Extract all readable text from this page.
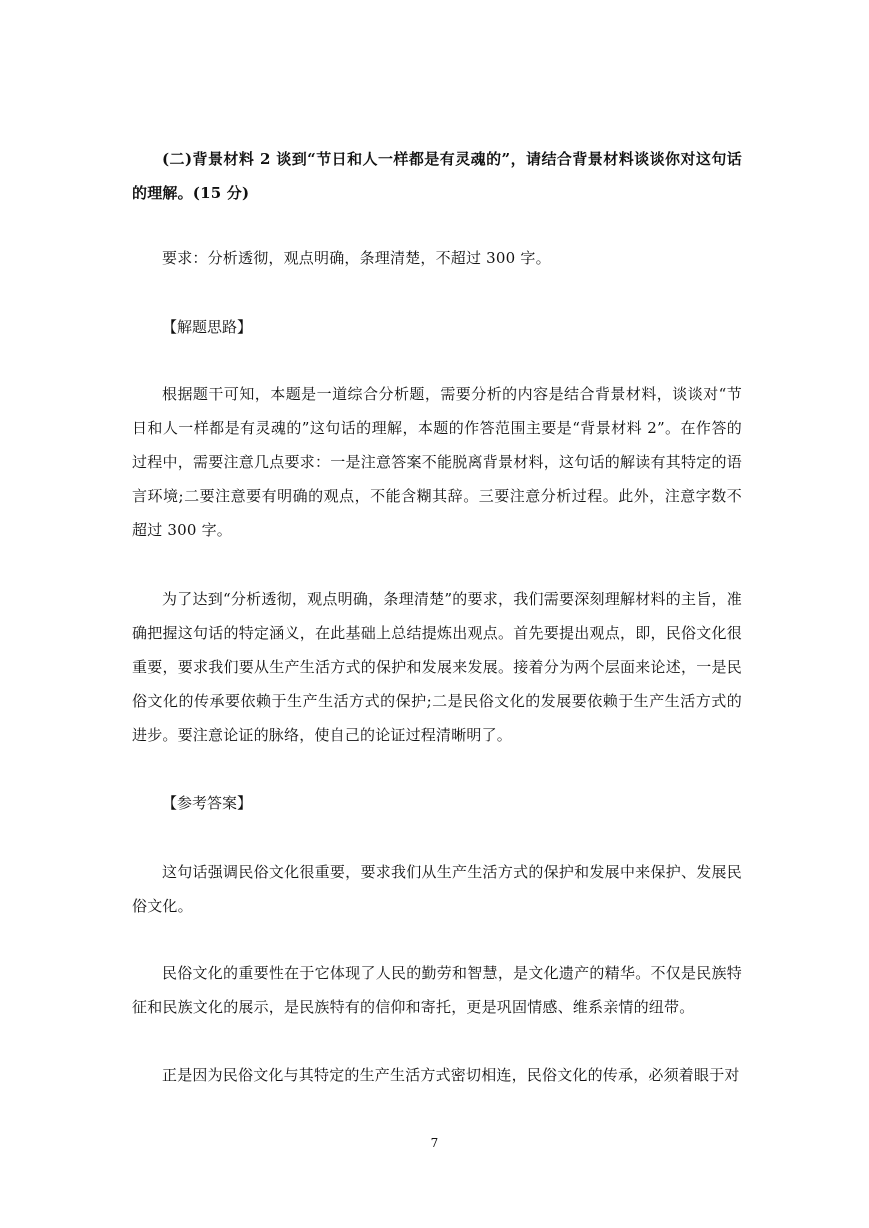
(二)背景材料 2 谈到“节日和人一样都是有灵魂的”，请结合背景材料谈谈你对这句话的理解。(15 分)
要求：分析透彻，观点明确，条理清楚，不超过 300 字。
【解题思路】
根据题干可知，本题是一道综合分析题，需要分析的内容是结合背景材料，谈谈对“节日和人一样都是有灵魂的”这句话的理解，本题的作答范围主要是“背景材料 2”。在作答的过程中，需要注意几点要求：一是注意答案不能脱离背景材料，这句话的解读有其特定的语言环境;二要注意要有明确的观点，不能含糊其辞。三要注意分析过程。此外，注意字数不超过 300 字。
为了达到“分析透彻，观点明确，条理清楚”的要求，我们需要深刻理解材料的主旨，准确把握这句话的特定涵义，在此基础上总结提炼出观点。首先要提出观点，即，民俗文化很重要，要求我们要从生产生活方式的保护和发展来发展。接着分为两个层面来论述，一是民俗文化的传承要依赖于生产生活方式的保护;二是民俗文化的发展要依赖于生产生活方式的进步。要注意论证的脉络，使自己的论证过程清晰明了。
【参考答案】
这句话强调民俗文化很重要，要求我们从生产生活方式的保护和发展中来保护、发展民俗文化。
民俗文化的重要性在于它体现了人民的勤劳和智慧，是文化遗产的精华。不仅是民族特征和民族文化的展示，是民族特有的信仰和寄托，更是巩固情感、维系亲情的纽带。
正是因为民俗文化与其特定的生产生活方式密切相连，民俗文化的传承，必须着眼于对
7
